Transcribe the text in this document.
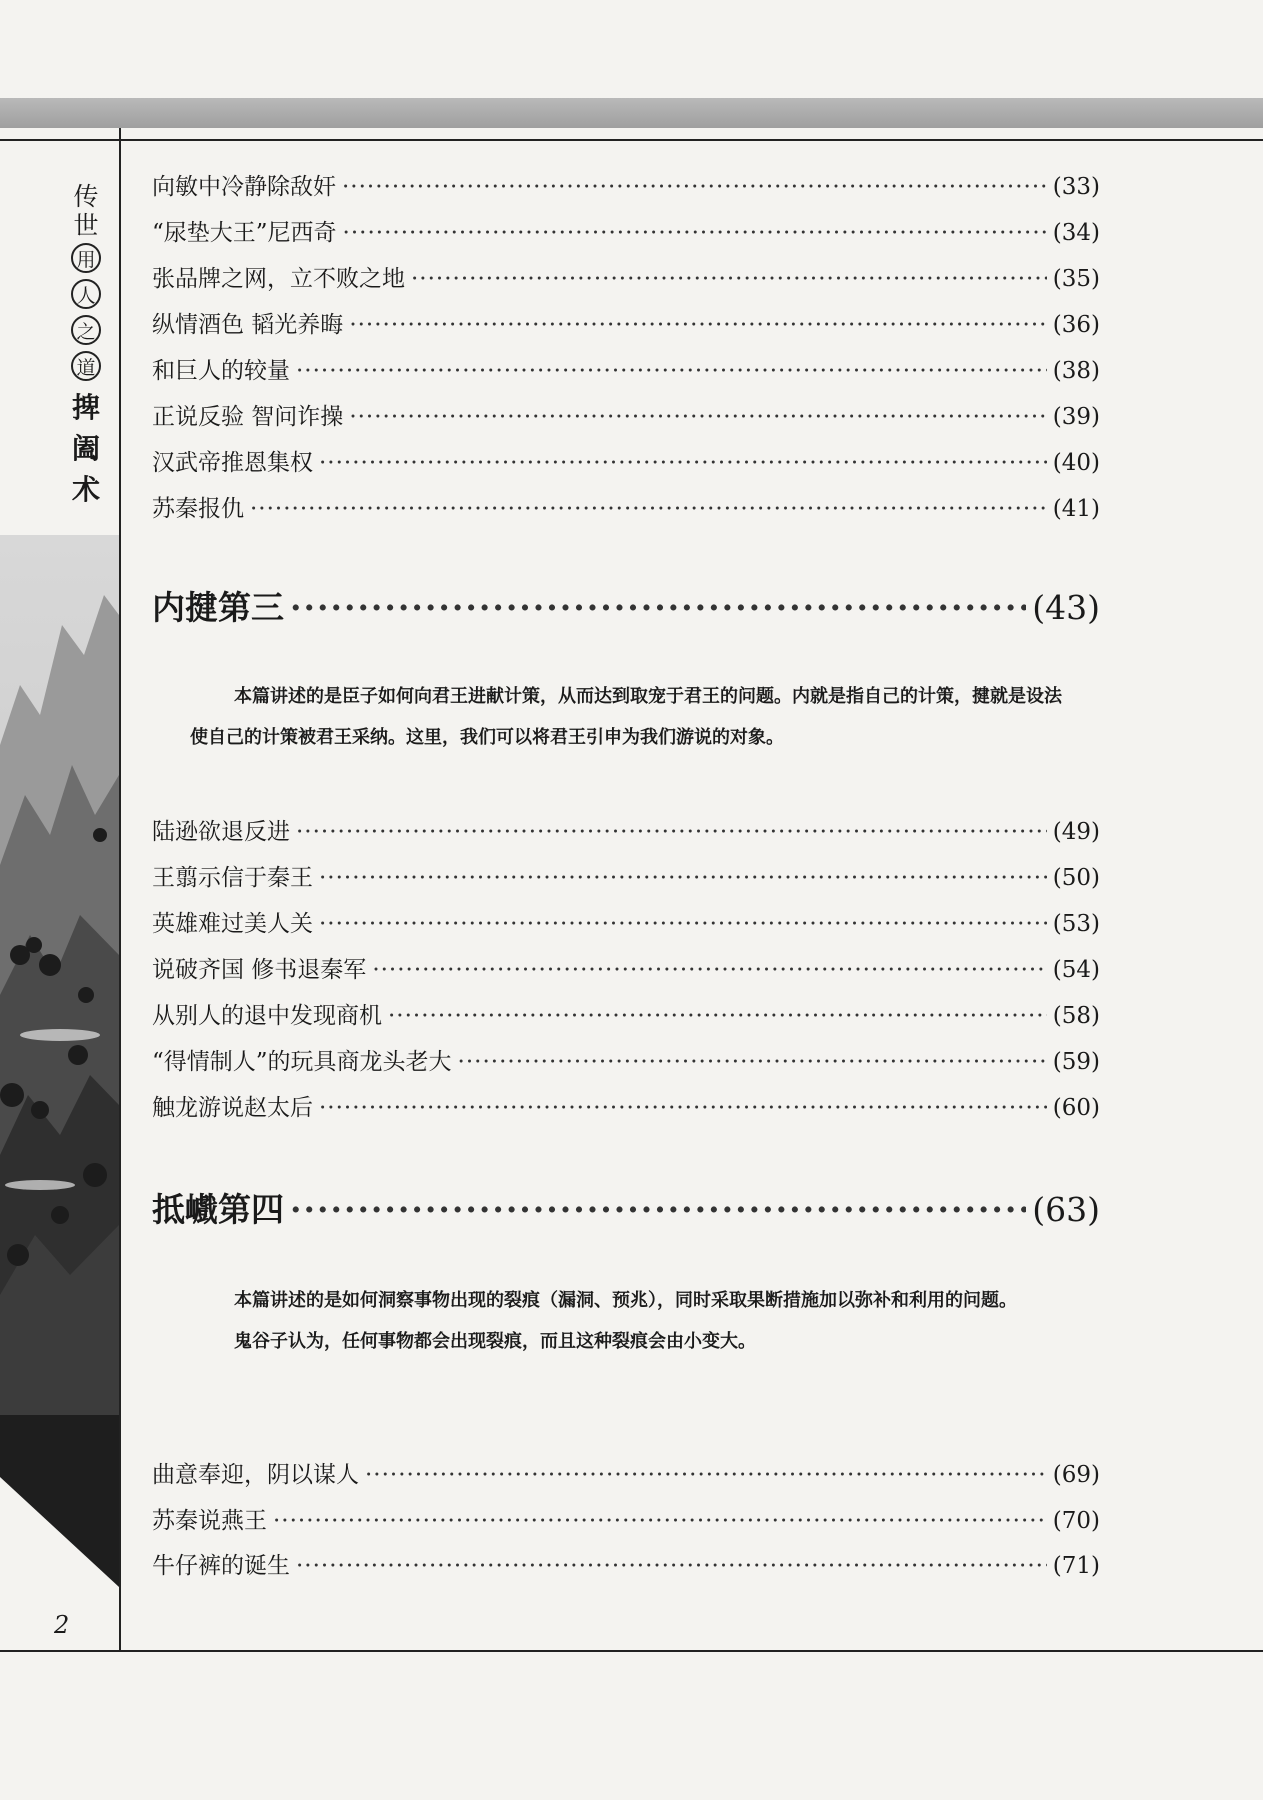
传
世
用
人
之
道
捭
阖
术
2
向敏中冷静除敌奸 ·····	(33)
“尿垫大王”尼西奇 ·····	(34)
张品牌之网，立不败之地 ·····	(35)
纵情酒色 韬光养晦 ·····	(36)
和巨人的较量 ·····	(38)
正说反验 智问诈操 ·····	(39)
汉武帝推恩集权 ·····	(40)
苏秦报仇 ·····	(41)
内揵第三 ·····	(43)

本篇讲述的是臣子如何向君王进献计策，从而达到取宠于君王的问题。内就是指自己的计策，揵就是设法使自己的计策被君王采纳。这里，我们可以将君王引申为我们游说的对象。

陆逊欲退反进 ·····	(49)
王翦示信于秦王 ·····	(50)
英雄难过美人关 ·····	(53)
说破齐国 修书退秦军 ·····	(54)
从别人的退中发现商机 ·····	(58)
“得情制人”的玩具商龙头老大 ·····	(59)
触龙游说赵太后 ·····	(60)
抵巇第四 ·····	(63)

本篇讲述的是如何洞察事物出现的裂痕（漏洞、预兆），同时采取果断措施加以弥补和利用的问题。

鬼谷子认为，任何事物都会出现裂痕，而且这种裂痕会由小变大。

曲意奉迎，阴以谋人 ·····	(69)
苏秦说燕王 ·····	(70)
牛仔裤的诞生 ·····	(71)
